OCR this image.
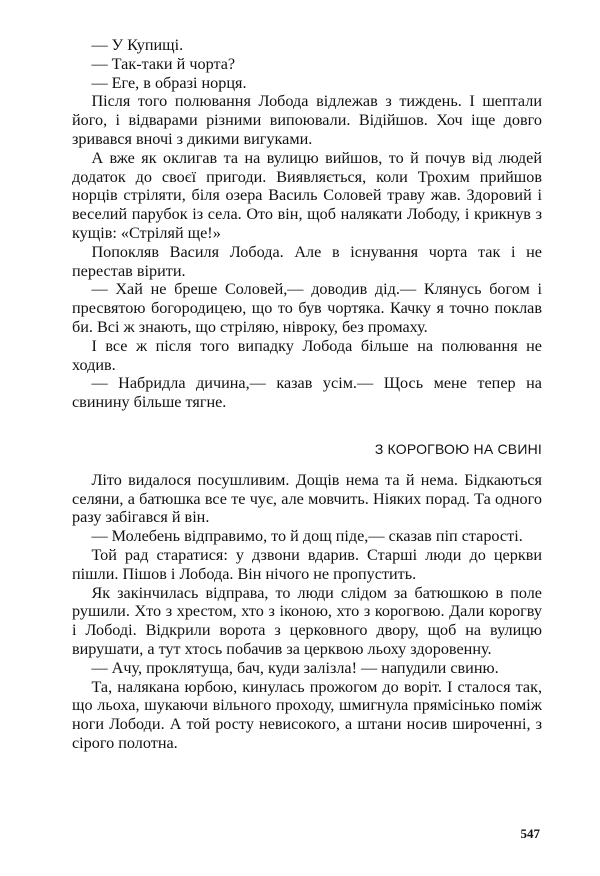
— У Купищі.

— Так-таки й чорта?

— Еге, в образі норця.

Після того полювання Лобода відлежав з тиждень. І шептали його, і відварами різними випоювали. Відійшов. Хоч іще довго зривався вночі з дикими вигуками.

А вже як оклигав та на вулицю вийшов, то й почув від людей додаток до своєї пригоди. Виявляється, коли Трохим прийшов норців стріляти, біля озера Василь Соловей траву жав. Здоровий і веселий парубок із села. Ото він, щоб налякати Лободу, і крикнув з кущів: «Стріляй ще!»

Попокляв Василя Лобода. Але в існування чорта так і не перестав вірити.

— Хай не бреше Соловей,— доводив дід.— Клянусь богом і пресвятою богородицею, що то був чортяка. Качку я точно поклав би. Всі ж знають, що стріляю, нівроку, без промаху.

І все ж після того випадку Лобода більше на полювання не ходив.

— Набридла дичина,— казав усім.— Щось мене тепер на свинину більше тягне.

З КОРОГВОЮ НА СВИНІ

Літо видалося посушливим. Дощів нема та й нема. Бідкаються селяни, а батюшка все те чує, але мовчить. Ніяких порад. Та одного разу забігався й він.

— Молебень відправимо, то й дощ піде,— сказав піп старості.

Той рад старатися: у дзвони вдарив. Старші люди до церкви пішли. Пішов і Лобода. Він нічого не пропустить.

Як закінчилась відправа, то люди слідом за батюшкою в поле рушили. Хто з хрестом, хто з іконою, хто з корогвою. Дали корогву і Лободі. Відкрили ворота з церковного двору, щоб на вулицю вирушати, а тут хтось побачив за церквою льоху здоровенну.

— Ачу, проклятуща, бач, куди залізла! — напудили свиню.

Та, налякана юрбою, кинулась прожогом до воріт. І сталося так, що льоха, шукаючи вільного проходу, шмигнула прямісінько поміж ноги Лободи. А той росту невисокого, а штани носив широченні, з сірого полотна.

547
